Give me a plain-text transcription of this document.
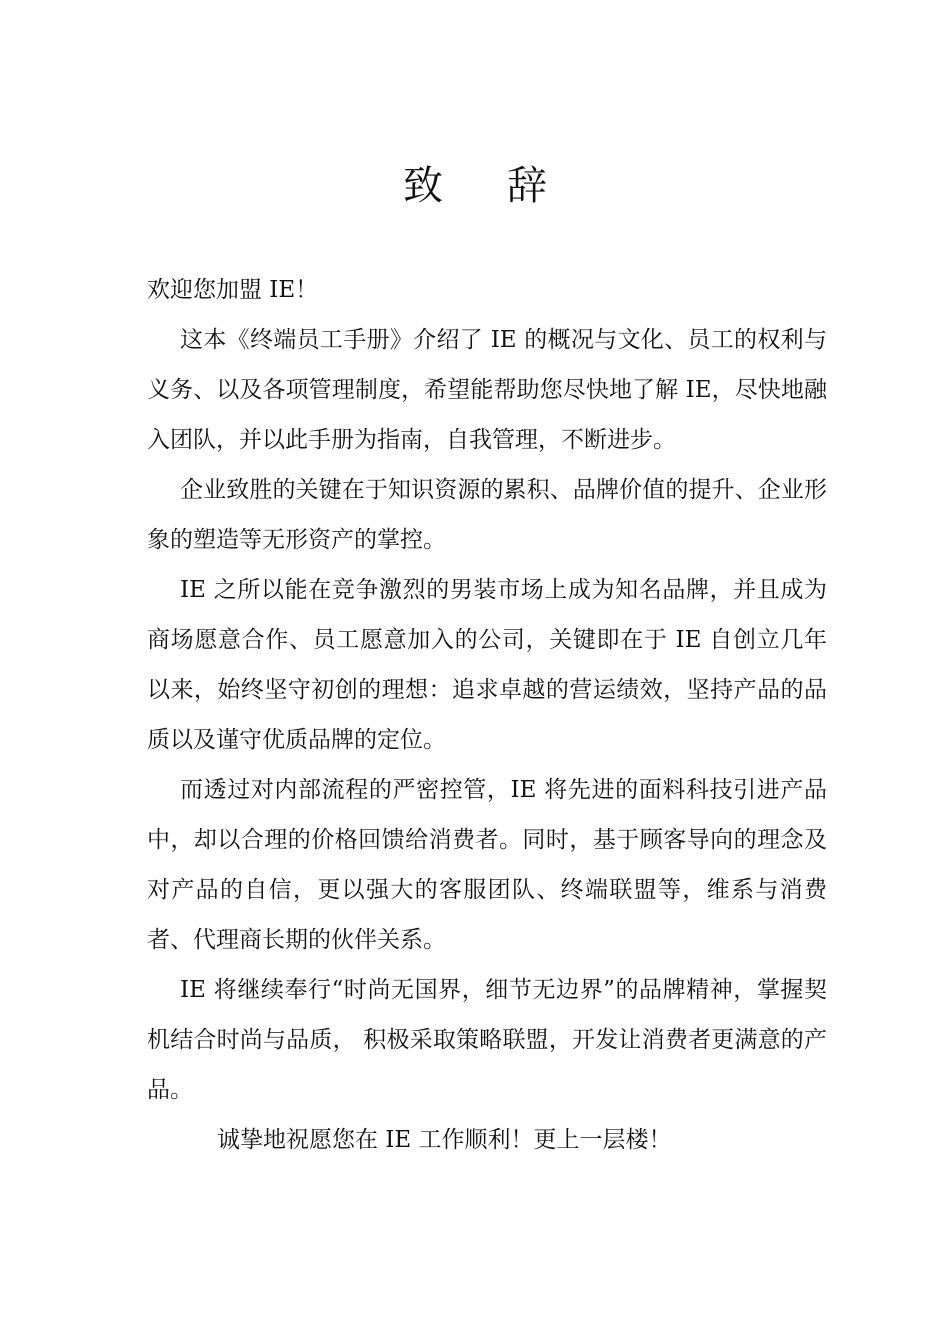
致 辞

欢迎您加盟 IE！

这本《终端员工手册》介绍了 IE 的概况与文化、员工的权利与义务、以及各项管理制度，希望能帮助您尽快地了解 IE，尽快地融入团队，并以此手册为指南，自我管理，不断进步。

企业致胜的关键在于知识资源的累积、品牌价值的提升、企业形象的塑造等无形资产的掌控。

IE 之所以能在竞争激烈的男装市场上成为知名品牌，并且成为商场愿意合作、员工愿意加入的公司，关键即在于 IE 自创立几年以来，始终坚守初创的理想：追求卓越的营运绩效，坚持产品的品质以及谨守优质品牌的定位。

而透过对内部流程的严密控管，IE 将先进的面料科技引进产品中，却以合理的价格回馈给消费者。同时，基于顾客导向的理念及对产品的自信，更以强大的客服团队、终端联盟等，维系与消费者、代理商长期的伙伴关系。

IE 将继续奉行“时尚无国界，细节无边界”的品牌精神，掌握契机结合时尚与品质， 积极采取策略联盟，开发让消费者更满意的产品。

诚挚地祝愿您在 IE 工作顺利！更上一层楼！
